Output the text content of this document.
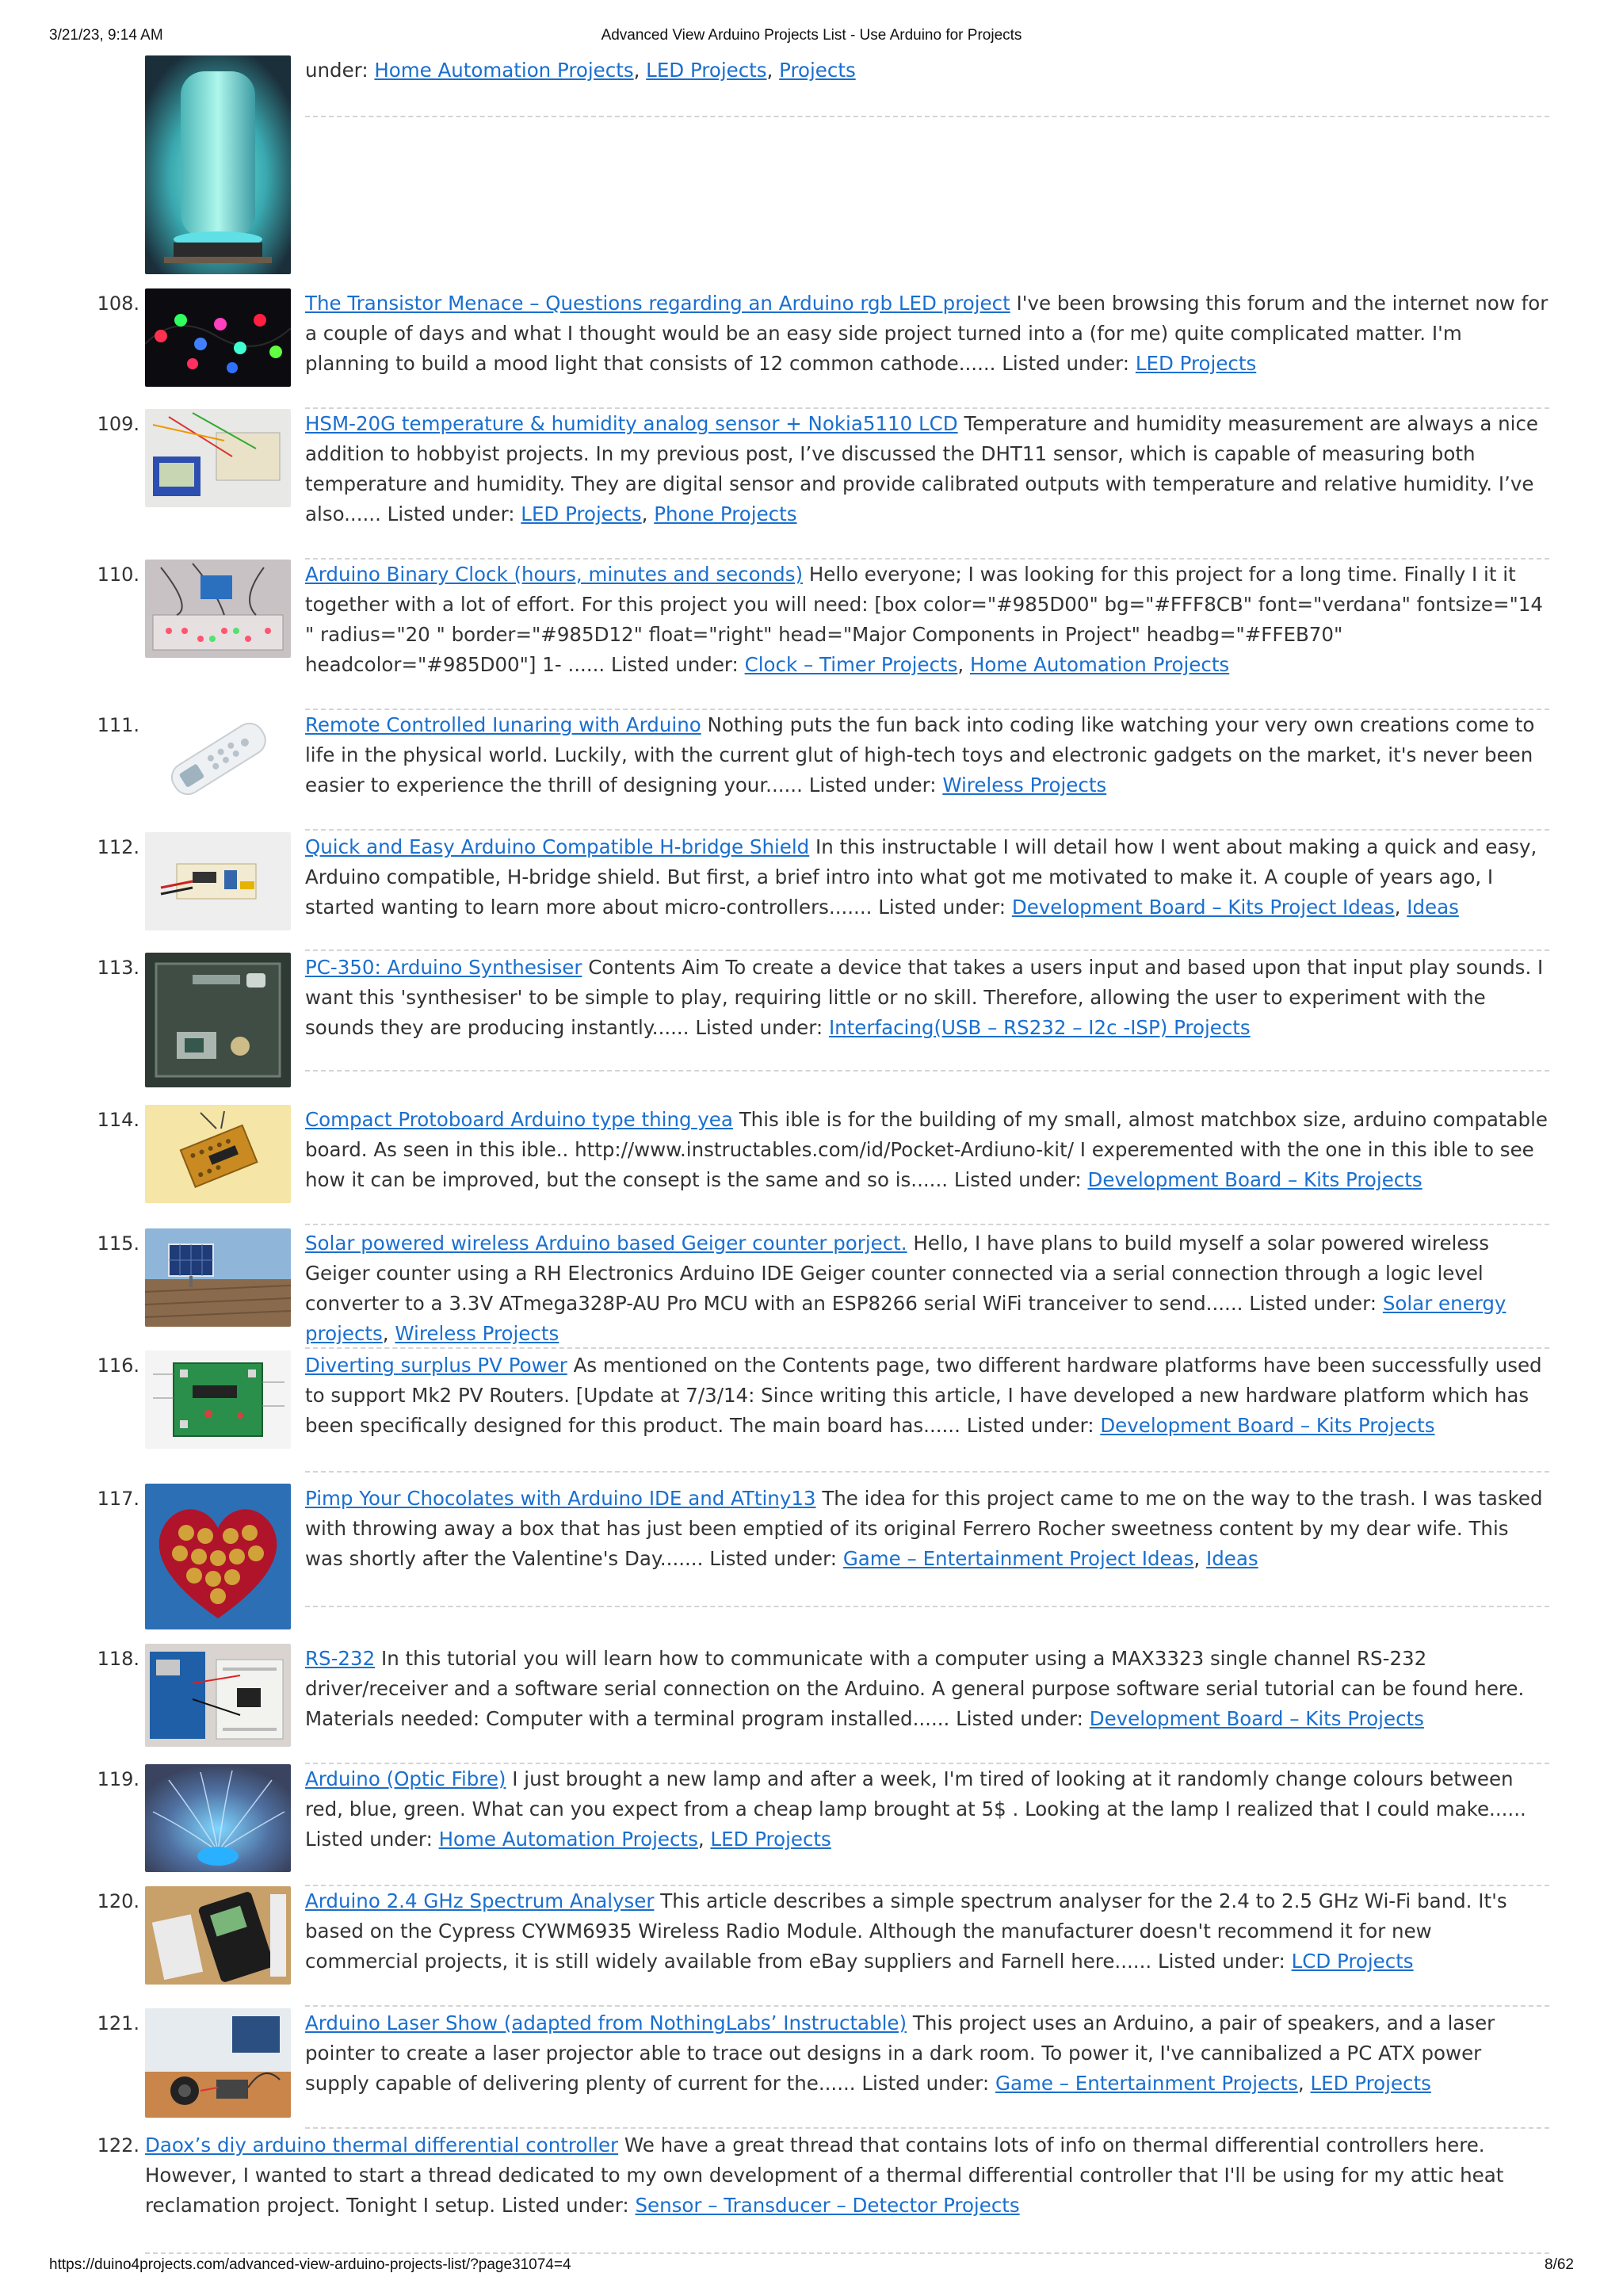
3/21/23, 9:14 AM	Advanced View Arduino Projects List - Use Arduino for Projects
under: Home Automation Projects, LED Projects, Projects
108.	The Transistor Menace – Questions regarding an Arduino rgb LED project I've been browsing this forum and the internet now for a couple of days and what I thought would be an easy side project turned into a (for me) quite complicated matter. I'm planning to build a mood light that consists of 12 common cathode...... Listed under: LED Projects
109.	HSM-20G temperature & humidity analog sensor + Nokia5110 LCD Temperature and humidity measurement are always a nice addition to hobbyist projects. In my previous post, I’ve discussed the DHT11 sensor, which is capable of measuring both temperature and humidity. They are digital sensor and provide calibrated outputs with temperature and relative humidity. I’ve also...... Listed under: LED Projects, Phone Projects
110.	Arduino Binary Clock (hours, minutes and seconds) Hello everyone; I was looking for this project for a long time. Finally I it it together with a lot of effort. For this project you will need: [box color="#985D00" bg="#FFF8CB" font="verdana" fontsize="14 " radius="20 " border="#985D12" float="right" head="Major Components in Project" headbg="#FFEB70" headcolor="#985D00"] 1- ...... Listed under: Clock – Timer Projects, Home Automation Projects
111.	Remote Controlled Iunaring with Arduino Nothing puts the fun back into coding like watching your very own creations come to life in the physical world. Luckily, with the current glut of high-tech toys and electronic gadgets on the market, it's never been easier to experience the thrill of designing your...... Listed under: Wireless Projects
112.	Quick and Easy Arduino Compatible H-bridge Shield In this instructable I will detail how I went about making a quick and easy, Arduino compatible, H-bridge shield. But first, a brief intro into what got me motivated to make it. A couple of years ago, I started wanting to learn more about micro-controllers....... Listed under: Development Board – Kits Project Ideas, Ideas
113.	PC-350: Arduino Synthesiser Contents Aim To create a device that takes a users input and based upon that input play sounds. I want this 'synthesiser' to be simple to play, requiring little or no skill. Therefore, allowing the user to experiment with the sounds they are producing instantly...... Listed under: Interfacing(USB – RS232 – I2c -ISP) Projects
114.	Compact Protoboard Arduino type thing yea This ible is for the building of my small, almost matchbox size, arduino compatable board. As seen in this ible.. http://www.instructables.com/id/Pocket-Ardiuno-kit/ I experemented with the one in this ible to see how it can be improved, but the consept is the same and so is...... Listed under: Development Board – Kits Projects
115.	Solar powered wireless Arduino based Geiger counter porject. Hello, I have plans to build myself a solar powered wireless Geiger counter using a RH Electronics Arduino IDE Geiger counter connected via a serial connection through a logic level converter to a 3.3V ATmega328P-AU Pro MCU with an ESP8266 serial WiFi tranceiver to send...... Listed under: Solar energy projects, Wireless Projects
116.	Diverting surplus PV Power As mentioned on the Contents page, two different hardware platforms have been successfully used to support Mk2 PV Routers. [Update at 7/3/14: Since writing this article, I have developed a new hardware platform which has been specifically designed for this product. The main board has...... Listed under: Development Board – Kits Projects
117.	Pimp Your Chocolates with Arduino IDE and ATtiny13 The idea for this project came to me on the way to the trash. I was tasked with throwing away a box that has just been emptied of its original Ferrero Rocher sweetness content by my dear wife. This was shortly after the Valentine's Day....... Listed under: Game – Entertainment Project Ideas, Ideas
118.	RS-232 In this tutorial you will learn how to communicate with a computer using a MAX3323 single channel RS-232 driver/receiver and a software serial connection on the Arduino. A general purpose software serial tutorial can be found here. Materials needed: Computer with a terminal program installed...... Listed under: Development Board – Kits Projects
119.	Arduino (Optic Fibre) I just brought a new lamp and after a week, I'm tired of looking at it randomly change colours between red, blue, green. What can you expect from a cheap lamp brought at 5$ . Looking at the lamp I realized that I could make...... Listed under: Home Automation Projects, LED Projects
120.	Arduino 2.4 GHz Spectrum Analyser This article describes a simple spectrum analyser for the 2.4 to 2.5 GHz Wi-Fi band. It's based on the Cypress CYWM6935 Wireless Radio Module. Although the manufacturer doesn't recommend it for new commercial projects, it is still widely available from eBay suppliers and Farnell here...... Listed under: LCD Projects
121.	Arduino Laser Show (adapted from NothingLabs’ Instructable) This project uses an Arduino, a pair of speakers, and a laser pointer to create a laser projector able to trace out designs in a dark room. To power it, I've cannibalized a PC ATX power supply capable of delivering plenty of current for the...... Listed under: Game – Entertainment Projects, LED Projects
122. Daox’s diy arduino thermal differential controller We have a great thread that contains lots of info on thermal differential controllers here. However, I wanted to start a thread dedicated to my own development of a thermal differential controller that I'll be using for my attic heat reclamation project. Tonight I setup. Listed under: Sensor – Transducer – Detector Projects
https://duino4projects.com/advanced-view-arduino-projects-list/?page31074=4	8/62
